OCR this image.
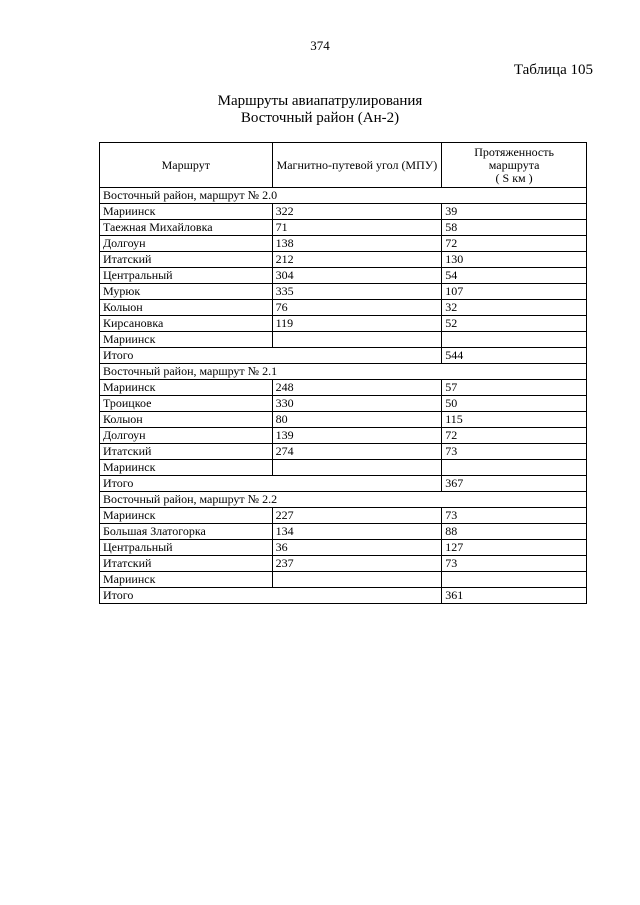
374
Таблица 105
Маршруты авиапатрулирования
Восточный район (Ан-2)
Маршрут	Магнитно-путевой угол (МПУ)	Протяженность
маршрута
( S км )

Восточный район, маршрут № 2.0		
Мариинск	322	39
Таежная Михайловка	71	58
Долгоун	138	72
Итатский	212	130
Центральный	304	54
Мурюк	335	107
Колыон	76	32
Кирсановка	119	52
Мариинск		
Итого		544
Восточный район, маршрут № 2.1		
Мариинск	248	57
Троицкое	330	50
Колыон	80	115
Долгоун	139	72
Итатский	274	73
Мариинск		
Итого		367
Восточный район, маршрут № 2.2		
Мариинск	227	73
Большая Златогорка	134	88
Центральный	36	127
Итатский	237	73
Мариинск		
Итого		361
